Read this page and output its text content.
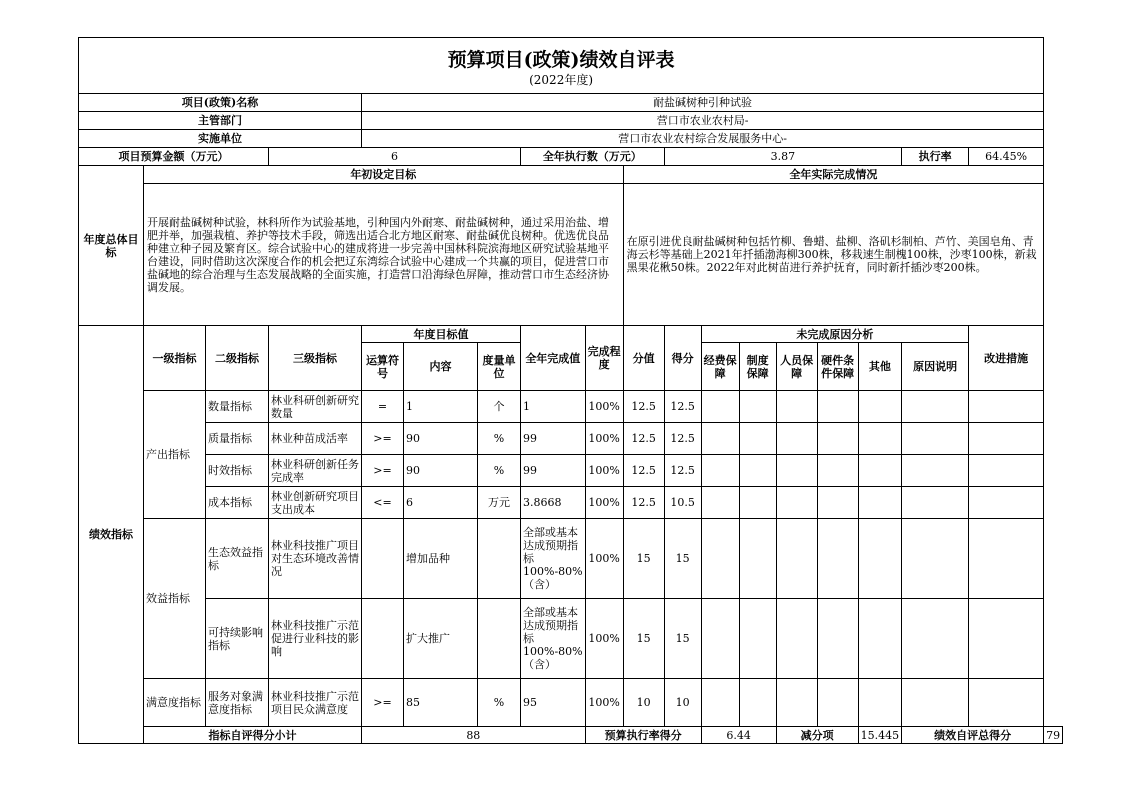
预算项目(政策)绩效自评表
(2022年度)																		

项目(政策)名称				耐盐碱树种引种试验														
主管部门				营口市农业农村局-														
实施单位				营口市农业农村综合发展服务中心-														
项目预算金额（万元）			6				全年执行数（万元）			3.87						执行率	64.45%	
年度总体目标	年初设定目标								全年实际完成情况									
	开展耐盐碱树种试验，林科所作为试验基地，引种国内外耐寒、耐盐碱树种，通过采用治盐、增肥并举，加强栽植、养护等技术手段，筛选出适合北方地区耐寒、耐盐碱优良树种。优选优良品种建立种子园及繁育区。综合试验中心的建成将进一步完善中国林科院滨海地区研究试验基地平台建设，同时借助这次深度合作的机会把辽东湾综合试验中心建成一个共赢的项目，促进营口市盐碱地的综合治理与生态发展战略的全面实施，打造营口沿海绿色屏障，推动营口市生态经济协调发展。								在原引进优良耐盐碱树种包括竹柳、鲁蜡、盐柳、洛矶杉制柏、芦竹、美国皂角、青海云杉等基础上2021年扦插渤海柳300株，移栽速生制槐100株，沙枣100株，新栽黑果花楸50株。2022年对此树苗进行养护抚育，同时新扦插沙枣200株。									
绩效指标	一级指标	二级指标	三级指标	年度目标值			全年完成值	完成程度	分值	得分	未完成原因分析						改进措施	
				运算符号	内容	度量单位					经费保障	制度保障	人员保障	硬件条件保障	其他	原因说明		
	产出指标	数量指标	林业科研创新研究数量	=	1	个	1	100%	12.5	12.5								
		质量指标	林业种苗成活率	>=	90	%	99	100%	12.5	12.5								
		时效指标	林业科研创新任务完成率	>=	90	%	99	100%	12.5	12.5								
		成本指标	林业创新研究项目支出成本	<=	6	万元	3.8668	100%	12.5	10.5								
	效益指标	生态效益指标	林业科技推广项目对生态环境改善情况		增加品种		全部或基本达成预期指标100%-80%（含）	100%	15	15								
		可持续影响指标	林业科技推广示范促进行业科技的影响		扩大推广		全部或基本达成预期指标100%-80%（含）	100%	15	15								
	满意度指标	服务对象满意度指标	林业科技推广示范项目民众满意度	>=	85	%	95	100%	10	10								
	指标自评得分小计			88				预算执行率得分			6.44		减分项		15.445	绩效自评总得分		79
